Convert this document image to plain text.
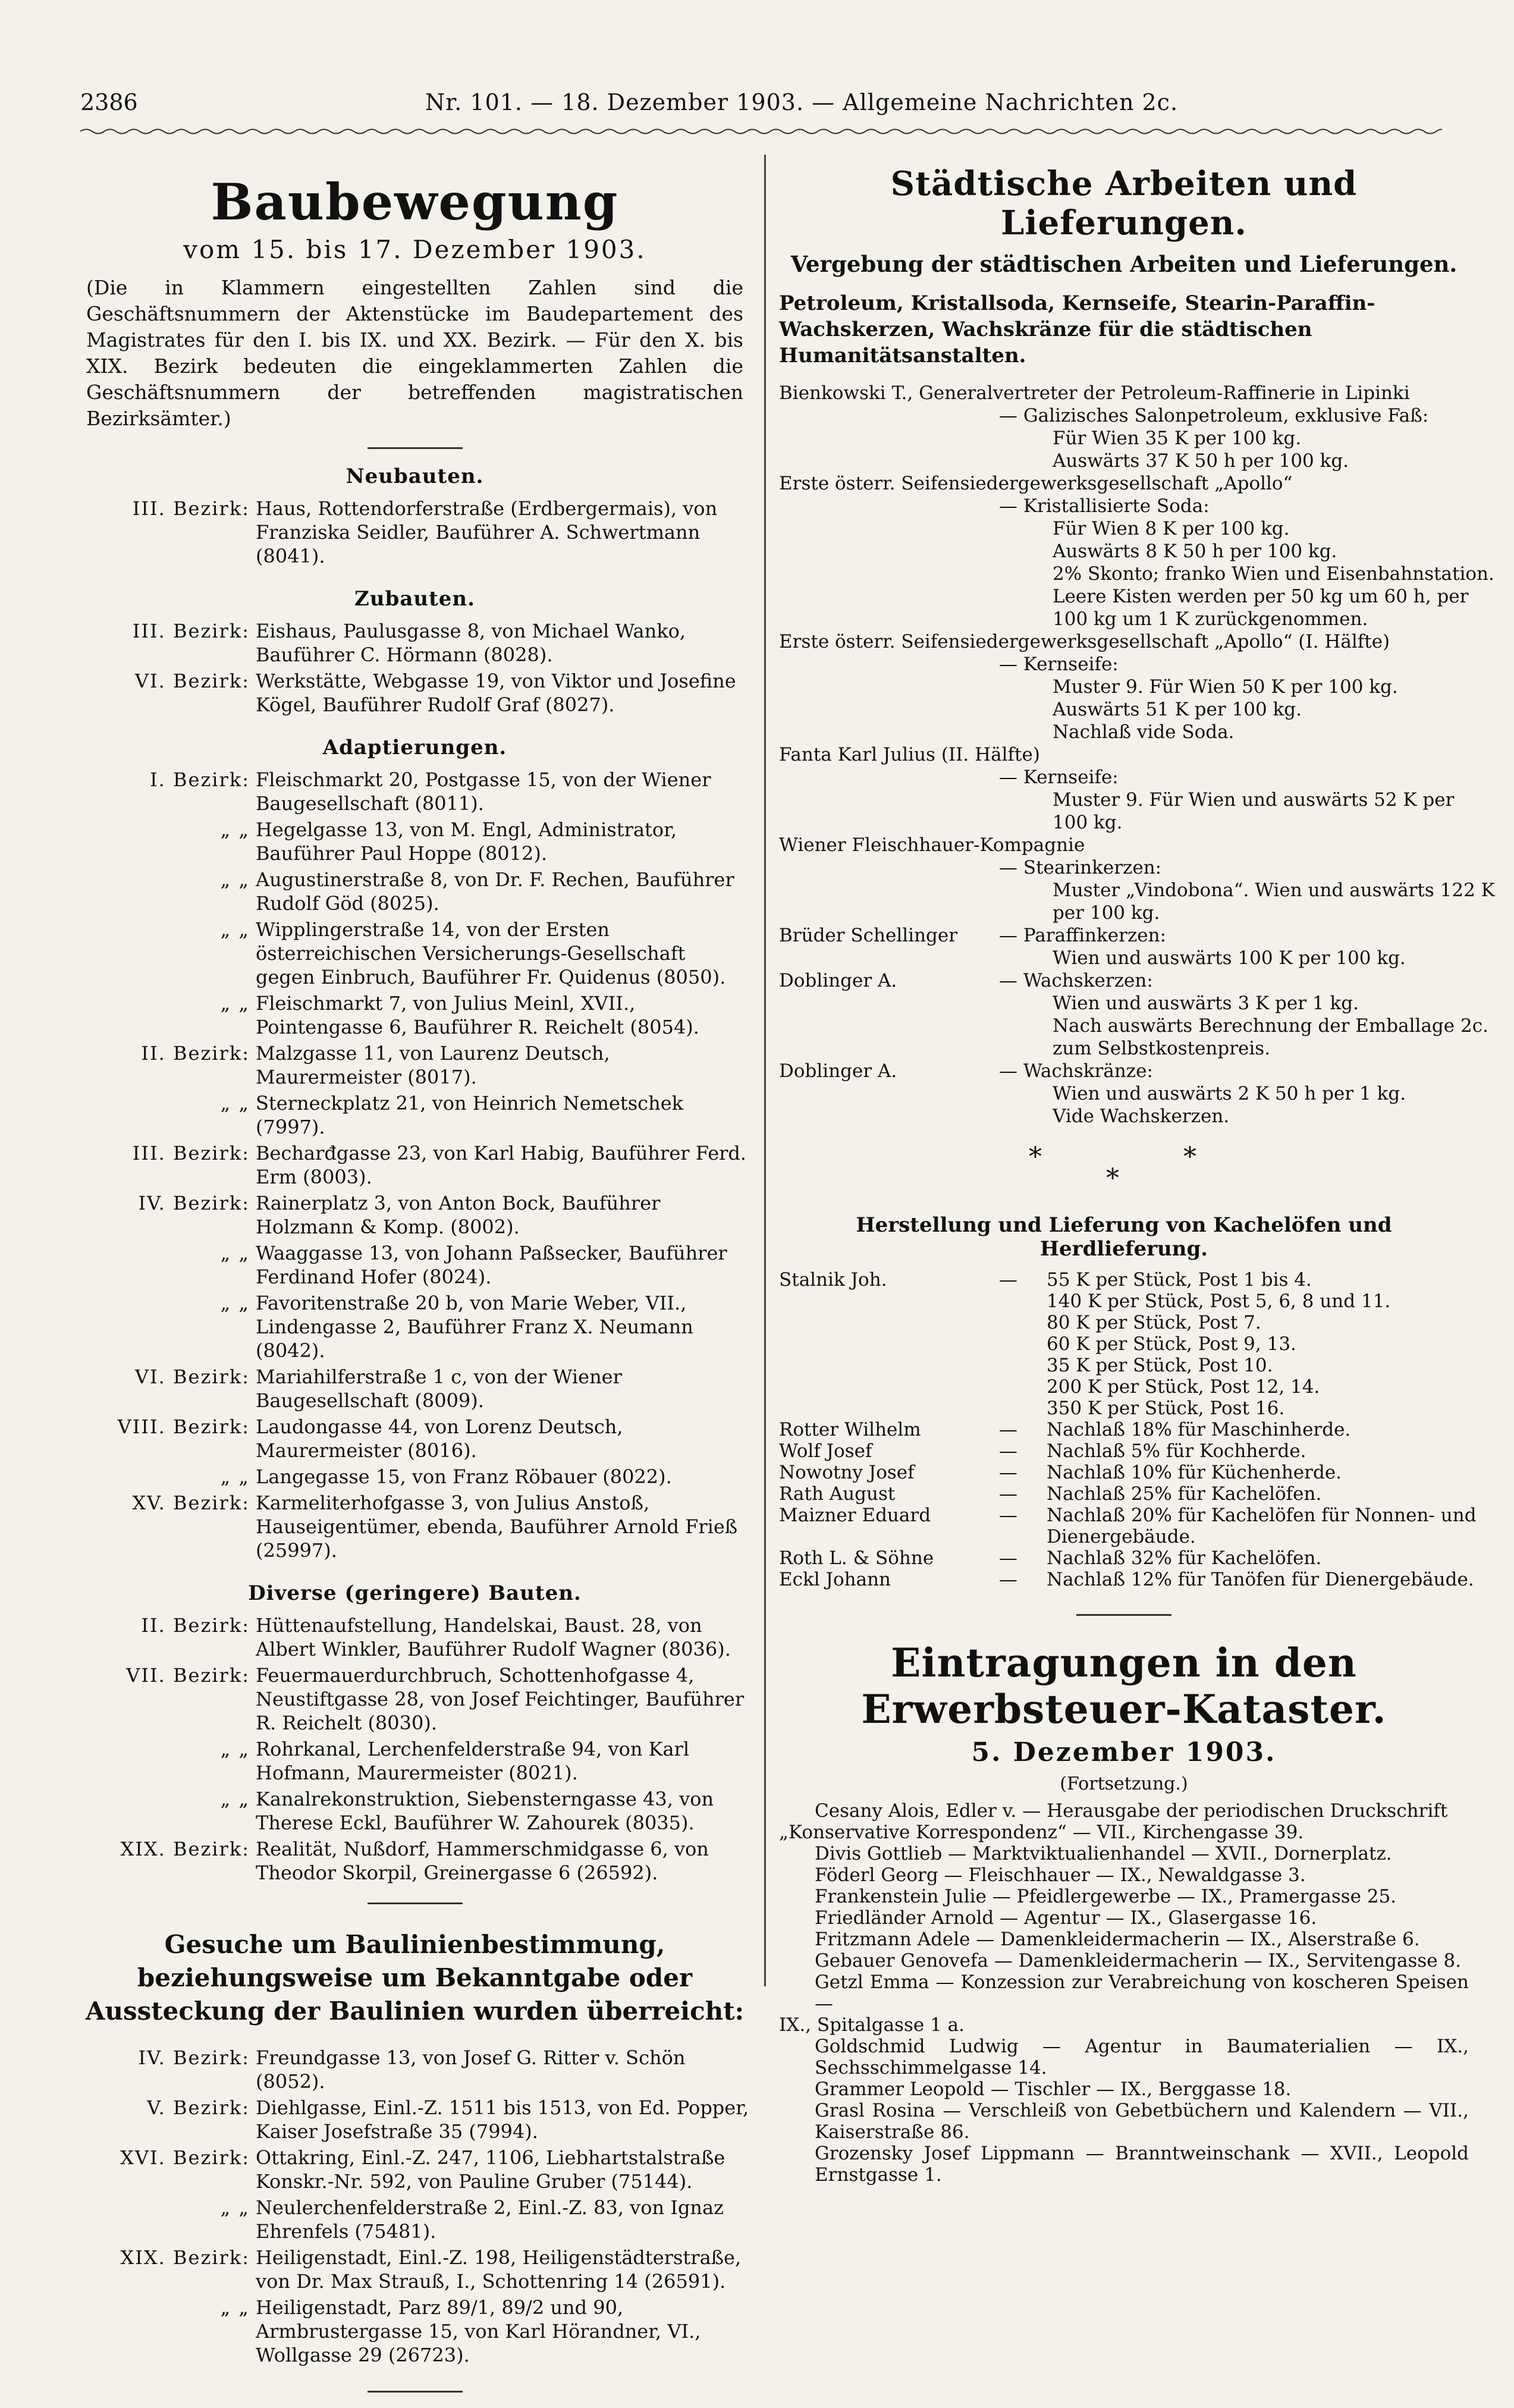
2386	Nr. 101. — 18. Dezember 1903. — Allgemeine Nachrichten 2c.
Baubewegung
vom 15. bis 17. Dezember 1903.
(Die in Klammern eingestellten Zahlen sind die Geschäftsnummern der Aktenstücke im Baudepartement des Magistrates für den I. bis IX. und XX. Bezirk. — Für den X. bis XIX. Bezirk bedeuten die eingeklammerten Zahlen die Geschäftsnummern der betreffenden magistratischen Bezirksämter.)
Neubauten.
III. Bezirk: Haus, Rottendorferstraße (Erdbergermais), von Franziska Seidler, Bauführer A. Schwertmann (8041).
Zubauten.
III. Bezirk: Eishaus, Paulusgasse 8, von Michael Wanko, Bauführer C. Hörmann (8028).
VI. Bezirk: Werkstätte, Webgasse 19, von Viktor und Josefine Kögel, Bauführer Rudolf Graf (8027).
Adaptierungen.
I. Bezirk: Fleischmarkt 20, Postgasse 15, von der Wiener Baugesellschaft (8011).
„ „ Hegelgasse 13, von M. Engl, Administrator, Bauführer Paul Hoppe (8012).
„ „ Augustinerstraße 8, von Dr. F. Rechen, Bauführer Rudolf Göd (8025).
„ „ Wipplingerstraße 14, von der Ersten österreichischen Versicherungs-Gesellschaft gegen Einbruch, Bauführer Fr. Quidenus (8050).
„ „ Fleischmarkt 7, von Julius Meinl, XVII., Pointengasse 6, Bauführer R. Reichelt (8054).
II. Bezirk: Malzgasse 11, von Laurenz Deutsch, Maurermeister (8017).
„ „ Sterneckplatz 21, von Heinrich Nemetschek (7997).
III. Bezirk: Becharđgasse 23, von Karl Habig, Bauführer Ferd. Erm (8003).
IV. Bezirk: Rainerplatz 3, von Anton Bock, Bauführer Holzmann & Komp. (8002).
„ „ Waaggasse 13, von Johann Paßsecker, Bauführer Ferdinand Hofer (8024).
„ „ Favoritenstraße 20 b, von Marie Weber, VII., Lindengasse 2, Bauführer Franz X. Neumann (8042).
VI. Bezirk: Mariahilferstraße 1 c, von der Wiener Baugesellschaft (8009).
VIII. Bezirk: Laudongasse 44, von Lorenz Deutsch, Maurermeister (8016).
„ „ Langegasse 15, von Franz Röbauer (8022).
XV. Bezirk: Karmeliterhofgasse 3, von Julius Anstoß, Hauseigentümer, ebenda, Bauführer Arnold Frieß (25997).
Diverse (geringere) Bauten.
II. Bezirk: Hüttenaufstellung, Handelskai, Baust. 28, von Albert Winkler, Bauführer Rudolf Wagner (8036).
VII. Bezirk: Feuermauerdurchbruch, Schottenhofgasse 4, Neustiftgasse 28, von Josef Feichtinger, Bauführer R. Reichelt (8030).
„ „ Rohrkanal, Lerchenfelderstraße 94, von Karl Hofmann, Maurermeister (8021).
„ „ Kanalrekonstruktion, Siebensterngasse 43, von Therese Eckl, Bauführer W. Zahourek (8035).
XIX. Bezirk: Realität, Nußdorf, Hammerschmidgasse 6, von Theodor Skorpil, Greinergasse 6 (26592).
Gesuche um Baulinienbestimmung, beziehungsweise um Bekanntgabe oder Aussteckung der Baulinien wurden überreicht:
IV. Bezirk: Freundgasse 13, von Josef G. Ritter v. Schön (8052).
V. Bezirk: Diehlgasse, Einl.-Z. 1511 bis 1513, von Ed. Popper, Kaiser Josefstraße 35 (7994).
XVI. Bezirk: Ottakring, Einl.-Z. 247, 1106, Liebhartstalstraße Konskr.-Nr. 592, von Pauline Gruber (75144).
„ „ Neulerchenfelderstraße 2, Einl.-Z. 83, von Ignaz Ehrenfels (75481).
XIX. Bezirk: Heiligenstadt, Einl.-Z. 198, Heiligenstädterstraße, von Dr. Max Strauß, I., Schottenring 14 (26591).
„ „ Heiligenstadt, Parz 89/1, 89/2 und 90, Armbrustergasse 15, von Karl Hörandner, VI., Wollgasse 29 (26723).
Städtische Arbeiten und Lieferungen.
Vergebung der städtischen Arbeiten und Lieferungen.
Petroleum, Kristallsoda, Kernseife, Stearin-Paraffin-Wachskerzen, Wachskränze für die städtischen Humanitätsanstalten.
Bienkowski T., Generalvertreter der Petroleum-Raffinerie in Lipinki
— Galizisches Salonpetroleum, exklusive Faß:
Für Wien 35 K per 100 kg.
Auswärts 37 K 50 h per 100 kg.
Erste österr. Seifensiedergewerksgesellschaft „Apollo“
— Kristallisierte Soda:
Für Wien 8 K per 100 kg.
Auswärts 8 K 50 h per 100 kg.
2% Skonto; franko Wien und Eisenbahnstation.
Leere Kisten werden per 50 kg um 60 h, per
100 kg um 1 K zurückgenommen.
Erste österr. Seifensiedergewerksgesellschaft „Apollo“ (I. Hälfte)
— Kernseife:
Muster 9. Für Wien 50 K per 100 kg.
Auswärts 51 K per 100 kg.
Nachlaß vide Soda.
Fanta Karl Julius (II. Hälfte)
— Kernseife:
Muster 9. Für Wien und auswärts 52 K per
100 kg.
Wiener Fleischhauer-Kompagnie
— Stearinkerzen:
Muster „Vindobona“. Wien und auswärts 122 K
per 100 kg.
Brüder Schellinger — Paraffinkerzen:
Wien und auswärts 100 K per 100 kg.
Doblinger A.	— Wachskerzen:
Wien und auswärts 3 K per 1 kg.
Nach auswärts Berechnung der Emballage 2c.
zum Selbstkostenpreis.
Doblinger A.	— Wachskränze:
Wien und auswärts 2 K 50 h per 1 kg.
Vide Wachskerzen.
*	*
*
Herstellung und Lieferung von Kachelöfen und Herdlieferung.
Stalnik Joh.	— 55 K per Stück, Post 1 bis 4.
140 K per Stück, Post 5, 6, 8 und 11.
80 K per Stück, Post 7.
60 K per Stück, Post 9, 13.
35 K per Stück, Post 10.
200 K per Stück, Post 12, 14.
350 K per Stück, Post 16.
Rotter Wilhelm	— Nachlaß 18% für Maschinherde.
Wolf Josef	— Nachlaß 5% für Kochherde.
Nowotny Josef	— Nachlaß 10% für Küchenherde.
Rath August	— Nachlaß 25% für Kachelöfen.
Maizner Eduard	— Nachlaß 20% für Kachelöfen für Nonnen- und
Dienergebäude.
Roth L. & Söhne	— Nachlaß 32% für Kachelöfen.
Eckl Johann	— Nachlaß 12% für Tanöfen für Dienergebäude.
Eintragungen in den Erwerbsteuer-Kataster.
5. Dezember 1903.
(Fortsetzung.)
Cesany Alois, Edler v. — Herausgabe der periodischen Druckschrift
„Konservative Korrespondenz“ — VII., Kirchengasse 39.
Divis Gottlieb — Marktviktualienhandel — XVII., Dornerplatz.
Föderl Georg — Fleischhauer — IX., Newaldgasse 3.
Frankenstein Julie — Pfeidlergewerbe — IX., Pramergasse 25.
Friedländer Arnold — Agentur — IX., Glasergasse 16.
Fritzmann Adele — Damenkleidermacherin — IX., Alserstraße 6.
Gebauer Genovefa — Damenkleidermacherin — IX., Servitengasse 8.
Getzl Emma — Konzession zur Verabreichung von koscheren Speisen —
IX., Spitalgasse 1 a.
Goldschmid Ludwig — Agentur in Baumaterialien — IX., Sechsschimmelgasse 14.
Grammer Leopold — Tischler — IX., Berggasse 18.
Grasl Rosina — Verschleiß von Gebetbüchern und Kalendern — VII., Kaiserstraße 86.
Grozensky Josef Lippmann — Branntweinschank — XVII., Leopold Ernstgasse 1.
